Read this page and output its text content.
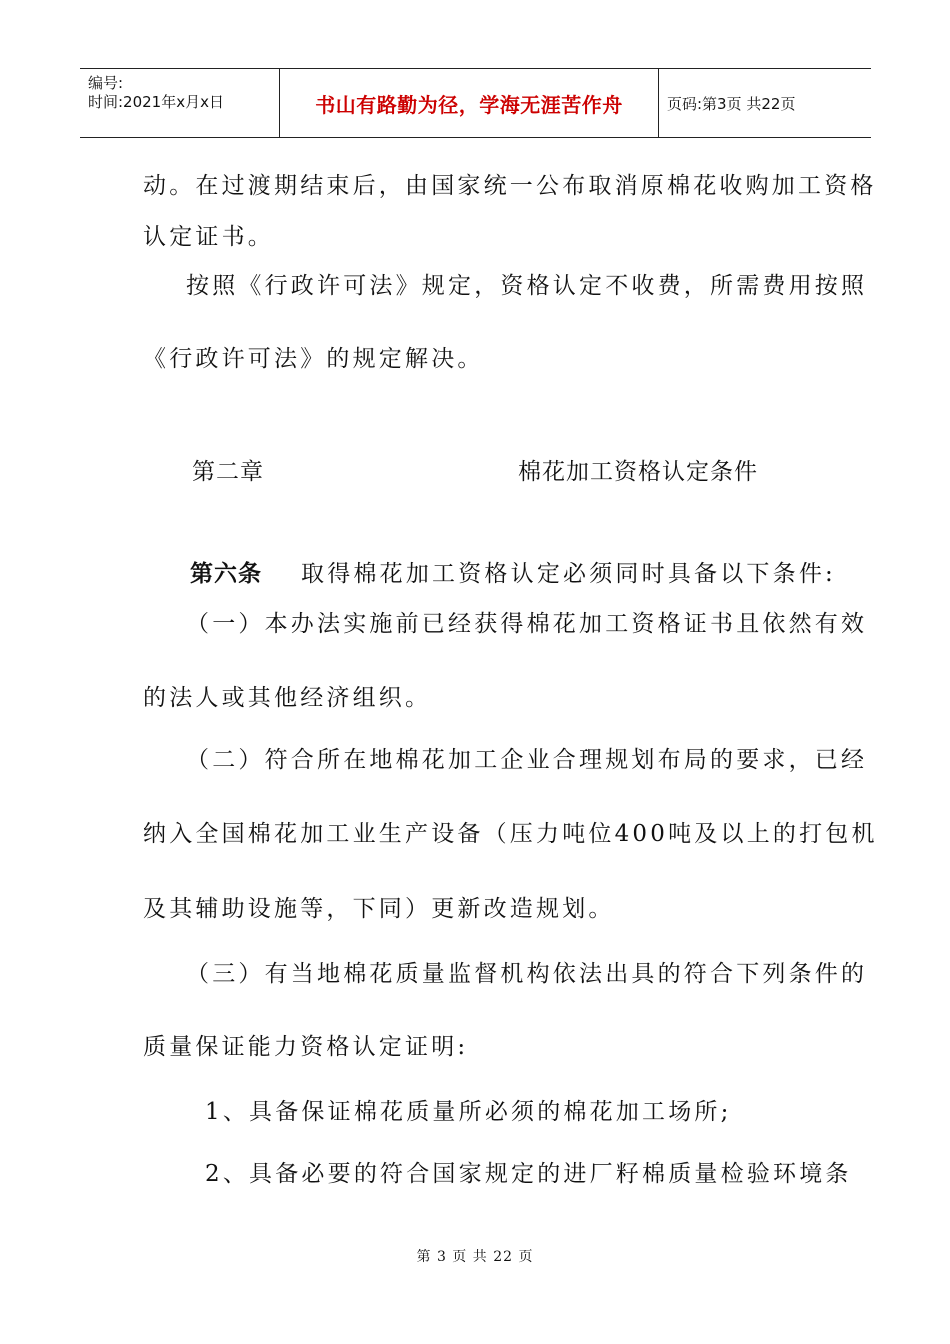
编号:
时间:2021年x月x日	书山有路勤为径，学海无涯苦作舟	页码:第3页 共22页
动。在过渡期结束后，由国家统一公布取消原棉花收购加工资格
认定证书。
按照《行政许可法》规定，资格认定不收费，所需费用按照
《行政许可法》的规定解决。
第二章	棉花加工资格认定条件
第六条 取得棉花加工资格认定必须同时具备以下条件:
（一）本办法实施前已经获得棉花加工资格证书且依然有效
的法人或其他经济组织。
（二）符合所在地棉花加工企业合理规划布局的要求，已经
纳入全国棉花加工业生产设备（压力吨位400吨及以上的打包机
及其辅助设施等，下同）更新改造规划。
（三）有当地棉花质量监督机构依法出具的符合下列条件的
质量保证能力资格认定证明:
1、具备保证棉花质量所必须的棉花加工场所;
2、具备必要的符合国家规定的进厂籽棉质量检验环境条
第 3 页 共 22 页
